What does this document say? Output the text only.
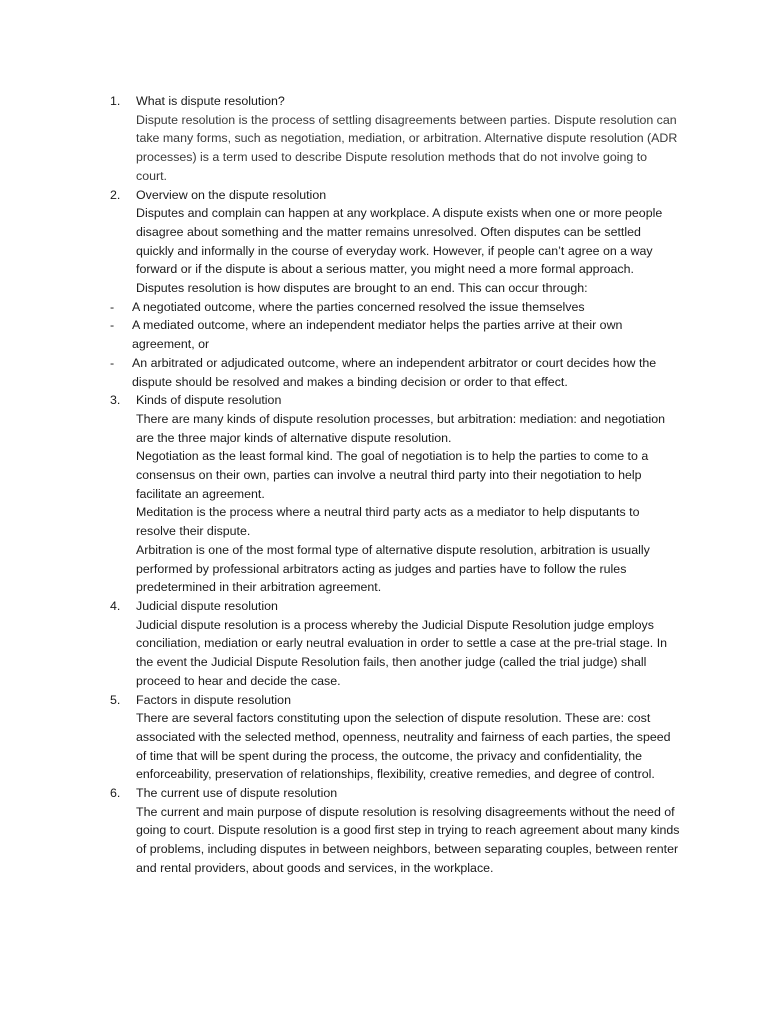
1. What is dispute resolution?
Dispute resolution is the process of settling disagreements between parties. Dispute resolution can take many forms, such as negotiation, mediation, or arbitration. Alternative dispute resolution (ADR processes) is a term used to describe Dispute resolution methods that do not involve going to court.
2. Overview on the dispute resolution
Disputes and complain can happen at any workplace. A dispute exists when one or more people disagree about something and the matter remains unresolved. Often disputes can be settled quickly and informally in the course of everyday work. However, if people can’t agree on a way forward or if the dispute is about a serious matter, you might need a more formal approach.
Disputes resolution is how disputes are brought to an end. This can occur through:
- A negotiated outcome, where the parties concerned resolved the issue themselves
- A mediated outcome, where an independent mediator helps the parties arrive at their own agreement, or
- An arbitrated or adjudicated outcome, where an independent arbitrator or court decides how the dispute should be resolved and makes a binding decision or order to that effect.
3. Kinds of dispute resolution
There are many kinds of dispute resolution processes, but arbitration: mediation: and negotiation are the three major kinds of alternative dispute resolution.
Negotiation as the least formal kind. The goal of negotiation is to help the parties to come to a consensus on their own, parties can involve a neutral third party into their negotiation to help facilitate an agreement.
Meditation is the process where a neutral third party acts as a mediator to help disputants to resolve their dispute.
Arbitration is one of the most formal type of alternative dispute resolution, arbitration is usually performed by professional arbitrators acting as judges and parties have to follow the rules predetermined in their arbitration agreement.
4. Judicial dispute resolution
Judicial dispute resolution is a process whereby the Judicial Dispute Resolution judge employs conciliation, mediation or early neutral evaluation in order to settle a case at the pre-trial stage. In the event the Judicial Dispute Resolution fails, then another judge (called the trial judge) shall proceed to hear and decide the case.
5. Factors in dispute resolution
There are several factors constituting upon the selection of dispute resolution. These are: cost associated with the selected method, openness, neutrality and fairness of each parties, the speed of time that will be spent during the process, the outcome, the privacy and confidentiality, the enforceability, preservation of relationships, flexibility, creative remedies, and degree of control.
6. The current use of dispute resolution
The current and main purpose of dispute resolution is resolving disagreements without the need of going to court. Dispute resolution is a good first step in trying to reach agreement about many kinds of problems, including disputes in between neighbors, between separating couples, between renter and rental providers, about goods and services, in the workplace.
